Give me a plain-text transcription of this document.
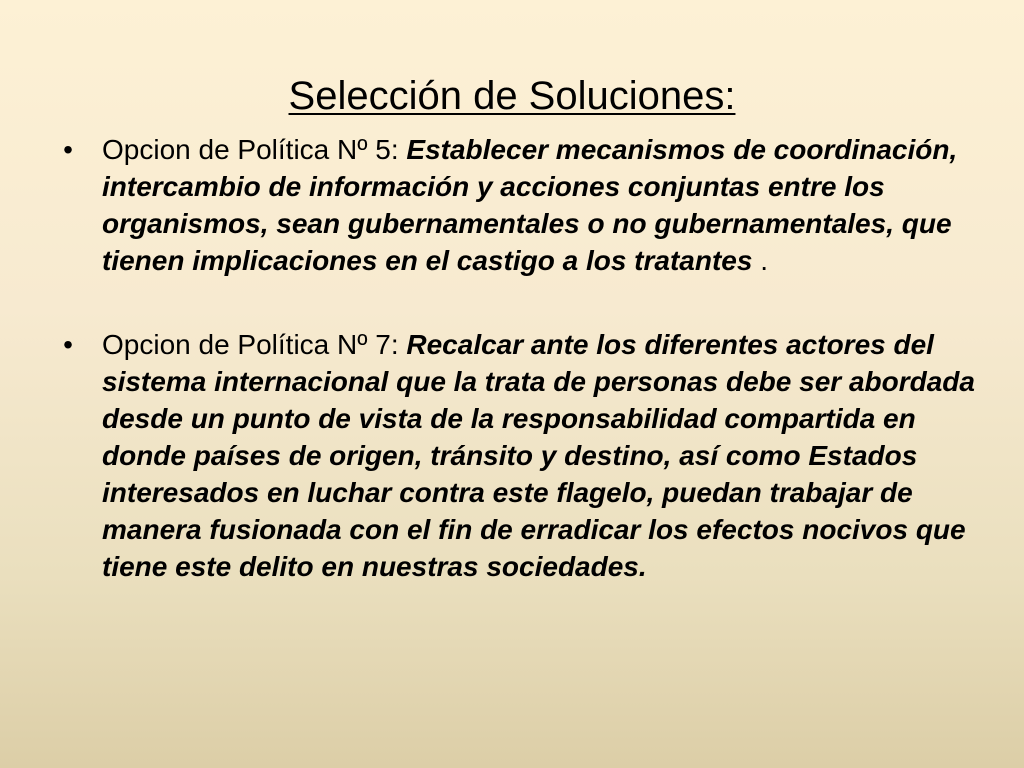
Selección de Soluciones:
• Opcion de Política Nº 5: Establecer mecanismos de coordinación, intercambio de información y acciones conjuntas entre los organismos, sean gubernamentales o no gubernamentales, que tienen implicaciones en el castigo a los tratantes .
• Opcion de Política Nº 7: Recalcar ante los diferentes actores del sistema internacional que la trata de personas debe ser abordada desde un punto de vista de la responsabilidad compartida en donde países de origen, tránsito y destino, así como Estados interesados en luchar contra este flagelo, puedan trabajar de manera fusionada con el fin de erradicar los efectos nocivos que tiene este delito en nuestras sociedades.
